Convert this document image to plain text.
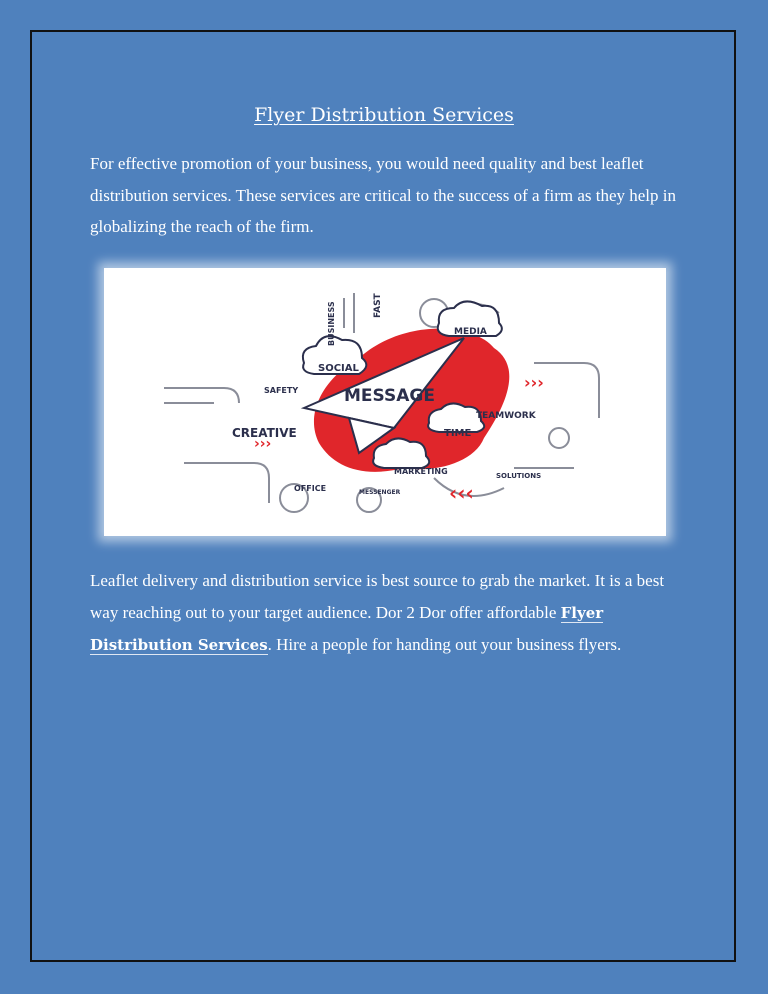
Flyer Distribution Services
For effective promotion of your business, you would need quality and best leaflet distribution services. These services are critical to the success of a firm as they help in globalizing the reach of the firm.
›››
‹‹‹
›››
MESSAGE
SOCIAL
MEDIA
TEAMWORK
TIME
CREATIVE
SAFETY
MARKETING	SOLUTIONS
OFFICE	MESSENGER
BUSINESS	FAST
Leaflet delivery and distribution service is best source to grab the market. It is a best way reaching out to your target audience. Dor 2 Dor offer affordable Flyer Distribution Services. Hire a people for handing out your business flyers.
